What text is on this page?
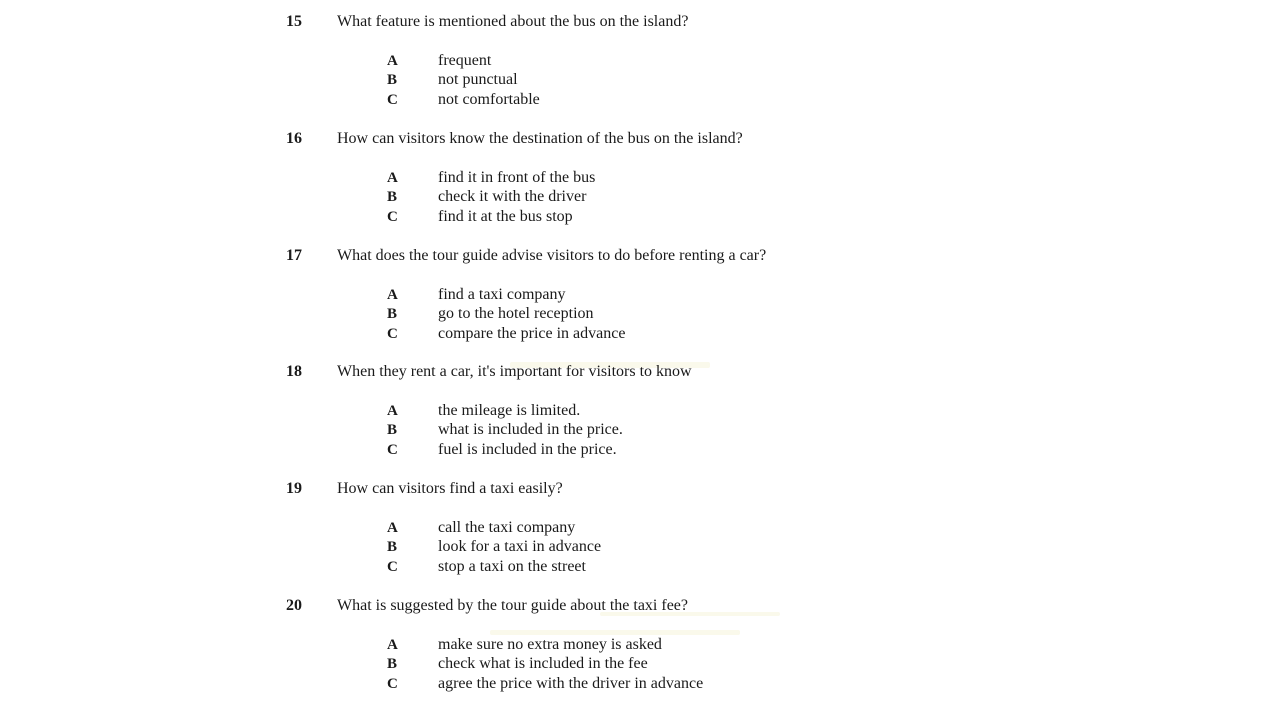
15 What feature is mentioned about the bus on the island?
A	frequent
B	not punctual
C	not comfortable
16 How can visitors know the destination of the bus on the island?
A	find it in front of the bus
B	check it with the driver
C	find it at the bus stop
17 What does the tour guide advise visitors to do before renting a car?
A	find a taxi company
B	go to the hotel reception
C	compare the price in advance
18 When they rent a car, it's important for visitors to know
A	the mileage is limited.
B	what is included in the price.
C	fuel is included in the price.
19 How can visitors find a taxi easily?
A	call the taxi company
B	look for a taxi in advance
C	stop a taxi on the street
20 What is suggested by the tour guide about the taxi fee?
A	make sure no extra money is asked
B	check what is included in the fee
C	agree the price with the driver in advance
